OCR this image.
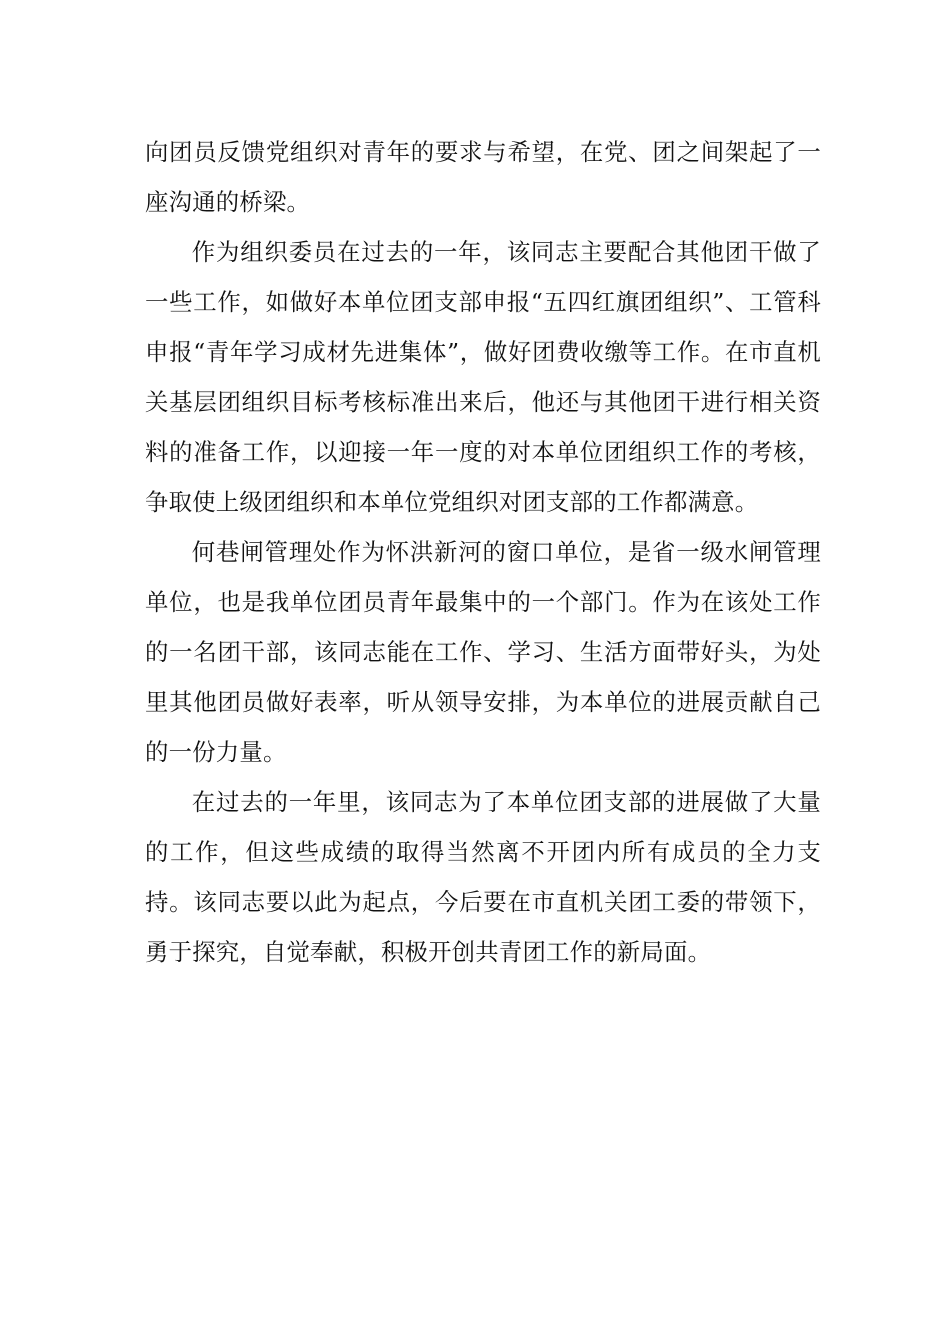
向团员反馈党组织对青年的要求与希望，在党、团之间架起了一座沟通的桥梁。

作为组织委员在过去的一年，该同志主要配合其他团干做了一些工作，如做好本单位团支部申报“五四红旗团组织”、工管科申报“青年学习成材先进集体”，做好团费收缴等工作。在市直机关基层团组织目标考核标准出来后，他还与其他团干进行相关资料的准备工作，以迎接一年一度的对本单位团组织工作的考核，争取使上级团组织和本单位党组织对团支部的工作都满意。

何巷闸管理处作为怀洪新河的窗口单位，是省一级水闸管理单位，也是我单位团员青年最集中的一个部门。作为在该处工作的一名团干部，该同志能在工作、学习、生活方面带好头，为处里其他团员做好表率，听从领导安排，为本单位的进展贡献自己的一份力量。

在过去的一年里，该同志为了本单位团支部的进展做了大量的工作，但这些成绩的取得当然离不开团内所有成员的全力支持。该同志要以此为起点，今后要在市直机关团工委的带领下，勇于探究，自觉奉献，积极开创共青团工作的新局面。
